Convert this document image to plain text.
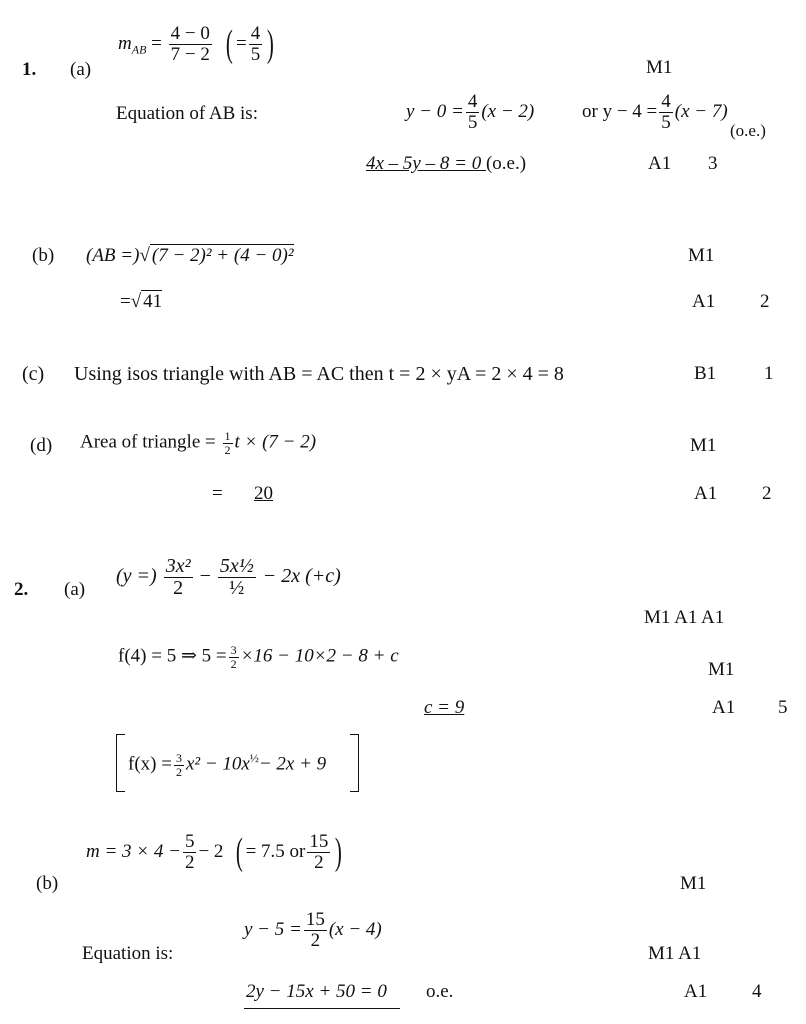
1. (a)
$m_{AB} = \frac{4 - 0}{7 - 2}$ ( = $\frac{4}{5}$ )
M1
Equation of AB is:	$y - 0 = \frac{4}{5} (x - 2)$	or $y - 4 = \frac{4}{5} (x - 7)$
(o.e.)
4x – 5y – 8 = 0 (o.e.)	A1 3
(b) (AB =)√ (7 − 2)² + (4 − 0)²	M1
=√ 41	A1 2
(c) Using isos triangle with AB = AC then t = 2 × yA = 2 × 4 = 8	B1	1
(d) Area of triangle = $\frac{1}{2}$ t × (7 − 2)	M1
= 20	A1 2
2. (a)
(y =) $\frac{\text{3x²}}{2}$ − 5x½
½
− 2x (+c)
M1 A1 A1
f(4) = 5 ⇒ $5 = \frac{3}{2} \times 16 - 10\times 2 - 8 + c$
M1
c = 9	A1 5
$f(x) = \frac{3}{2} x^2 - 10x^{\frac{1}{2}}- 2x + 9$
(b)
$m = 3 \times 4 - \frac{5}{2} - 2$ ( = 7.5 or $\frac{15}{2}$ )
M1
$y - 5 = \frac{15}{2} (x - 4)$
Equation is:	M1 A1
2y − 15x + 50 = 0 o.e.	A1 4
